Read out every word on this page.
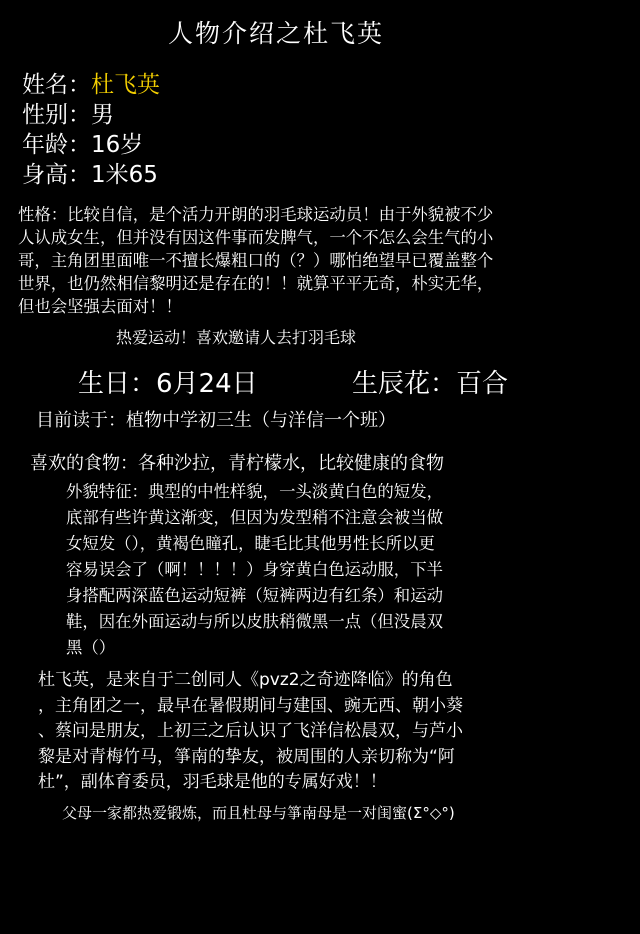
人物介绍之杜飞英
姓名：杜飞英
性别：男
年龄：16岁
身高：1米65
性格：比较自信，是个活力开朗的羽毛球运动员！由于外貌被不少
人认成女生，但并没有因这件事而发脾气，一个不怎么会生气的小
哥，主角团里面唯一不擅长爆粗口的（？）哪怕绝望早已覆盖整个
世界，也仍然相信黎明还是存在的！！就算平平无奇，朴实无华，
但也会坚强去面对！！
热爱运动！喜欢邀请人去打羽毛球
生日：6月24日	生辰花：百合
目前读于：植物中学初三生（与洋信一个班）
喜欢的食物：各种沙拉，青柠檬水，比较健康的食物
外貌特征：典型的中性样貌，一头淡黄白色的短发，
底部有些许黄这渐变，但因为发型稍不注意会被当做
女短发（），黄褐色瞳孔，睫毛比其他男性长所以更
容易误会了（啊！！！！）身穿黄白色运动服，下半
身搭配两深蓝色运动短裤（短裤两边有红条）和运动
鞋，因在外面运动与所以皮肤稍微黑一点（但没晨双
黑（）
杜飞英，是来自于二创同人《pvz2之奇迹降临》的角色
，主角团之一，最早在暑假期间与建国、豌无西、朝小葵
、蔡问是朋友，上初三之后认识了飞洋信松晨双，与芦小
黎是对青梅竹马，箏南的挚友，被周围的人亲切称为“阿
杜”，副体育委员，羽毛球是他的专属好戏！！
父母一家都热爱锻炼，而且杜母与箏南母是一对闺蜜(Σ°◇°)
